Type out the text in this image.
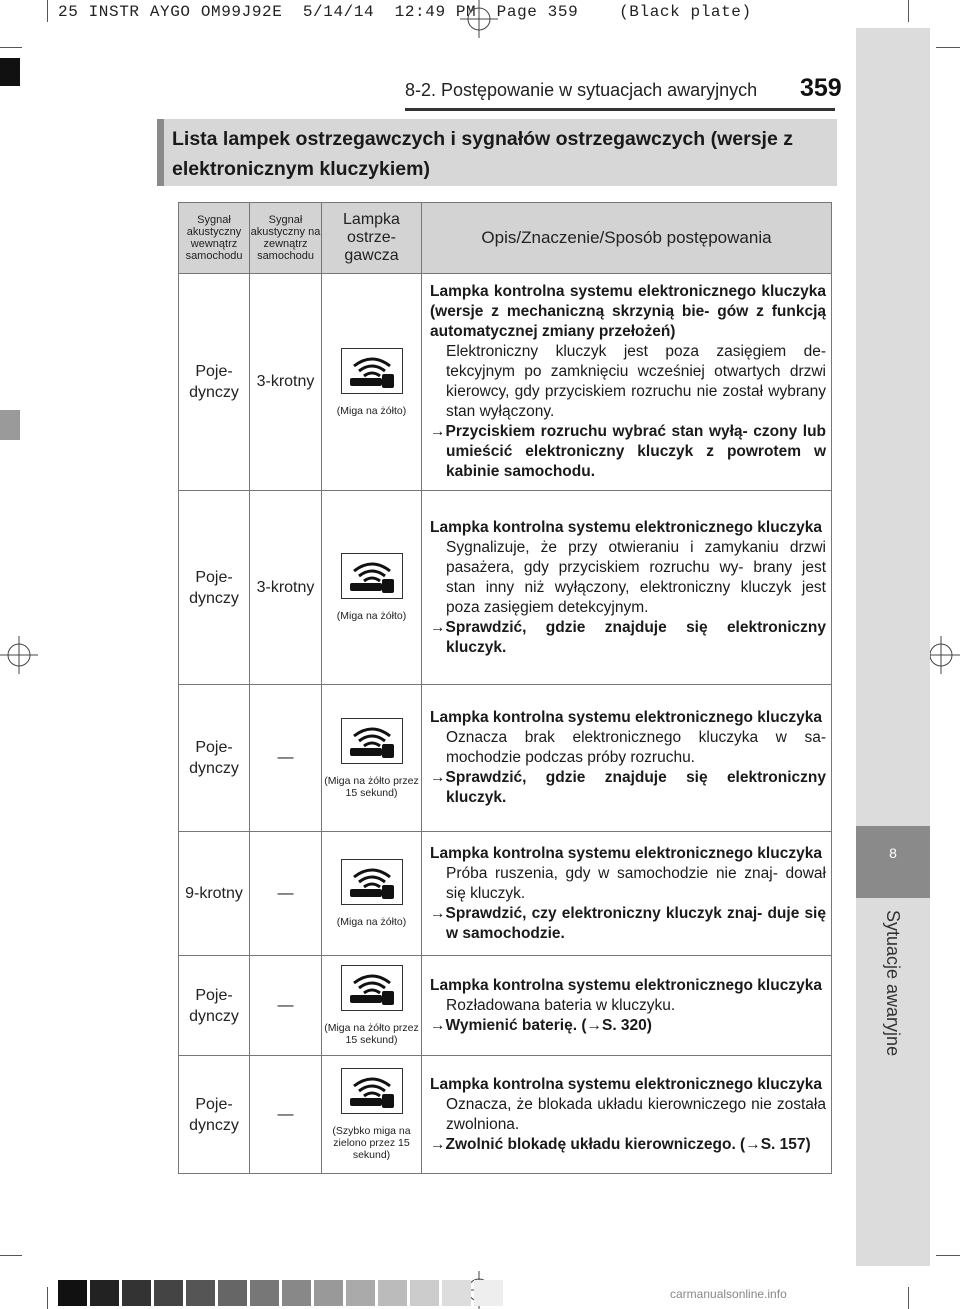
25 INSTR AYGO OM99J92E  5/14/14  12:49 PM  Page 359    (Black plate)
8
Sytuacje awaryjne
8-2. Postępowanie w sytuacjach awaryjnych 359
Lista lampek ostrzegawczych i sygnałów ostrzegawczych (wersje z elektronicznym kluczykiem)
Sygnał akustyczny wewnątrz samochodu	Sygnał akustyczny na zewnątrz samochodu	Lampka ostrze- gawcza	Opis/Znaczenie/Sposób postępowania

Poje- dynczy	3-krotny	(Miga na żółto)	Lampka kontrolna systemu elektronicznego kluczyka (wersje z mechaniczną skrzynią bie- gów z funkcją automatycznej zmiany przełożeń)
Elektroniczny kluczyk jest poza zasięgiem de- tekcyjnym po zamknięciu wcześniej otwartych drzwi kierowcy, gdy przyciskiem rozruchu nie został wybrany stan wyłączony.
→Przyciskiem rozruchu wybrać stan wyłą- czony lub umieścić elektroniczny kluczyk z powrotem w kabinie samochodu.

Poje- dynczy	3-krotny	(Miga na żółto)	Lampka kontrolna systemu elektronicznego kluczyka
Sygnalizuje, że przy otwieraniu i zamykaniu drzwi pasażera, gdy przyciskiem rozruchu wy- brany jest stan inny niż wyłączony, elektroniczny kluczyk jest poza zasięgiem detekcyjnym.
→Sprawdzić, gdzie znajduje się elektroniczny kluczyk.

Poje- dynczy	—	(Miga na żółto przez 15 sekund)	Lampka kontrolna systemu elektronicznego kluczyka
Oznacza brak elektronicznego kluczyka w sa- mochodzie podczas próby rozruchu.
→Sprawdzić, gdzie znajduje się elektroniczny kluczyk.

9-krotny	—	(Miga na żółto)	Lampka kontrolna systemu elektronicznego kluczyka
Próba ruszenia, gdy w samochodzie nie znaj- dował się kluczyk.
→Sprawdzić, czy elektroniczny kluczyk znaj- duje się w samochodzie.

Poje- dynczy	—	(Miga na żółto przez 15 sekund)	Lampka kontrolna systemu elektronicznego kluczyka
Rozładowana bateria w kluczyku.
→Wymienić baterię. (→S. 320)

Poje- dynczy	—	(Szybko miga na zielono przez 15 sekund)	Lampka kontrolna systemu elektronicznego kluczyka
Oznacza, że blokada układu kierowniczego nie została zwolniona.
→Zwolnić blokadę układu kierowniczego. (→S. 157)
carmanualsonline.info
